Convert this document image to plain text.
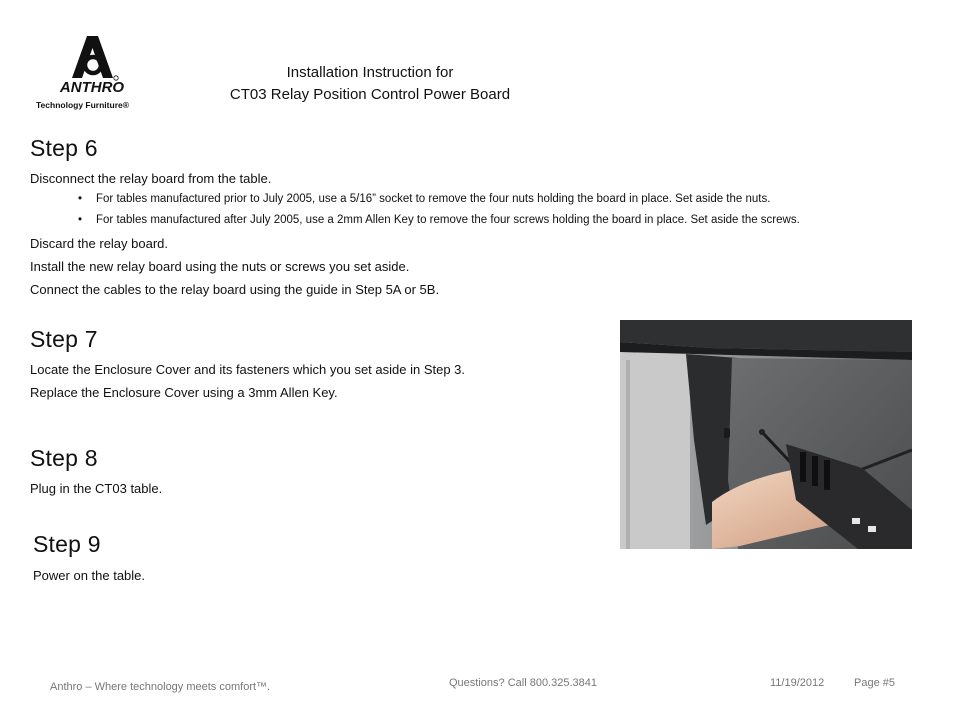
ANTHRO
Technology Furniture®
Installation Instruction for
CT03 Relay Position Control Power Board
Step 6
Disconnect the relay board from the table.
• For tables manufactured prior to July 2005, use a 5/16” socket to remove the four nuts holding the board in place. Set aside the nuts.
• For tables manufactured after July 2005, use a 2mm Allen Key to remove the four screws holding the board in place. Set aside the screws.
Discard the relay board.
Install the new relay board using the nuts or screws you set aside.
Connect the cables to the relay board using the guide in Step 5A or 5B.
Step 7
Locate the Enclosure Cover and its fasteners which you set aside in Step 3.
Replace the Enclosure Cover using a 3mm Allen Key.
Step 8
Plug in the CT03 table.
Step 9
Power on the table.
Anthro – Where technology meets comfort™.	Questions? Call 800.325.3841	11/19/2012	Page #5
